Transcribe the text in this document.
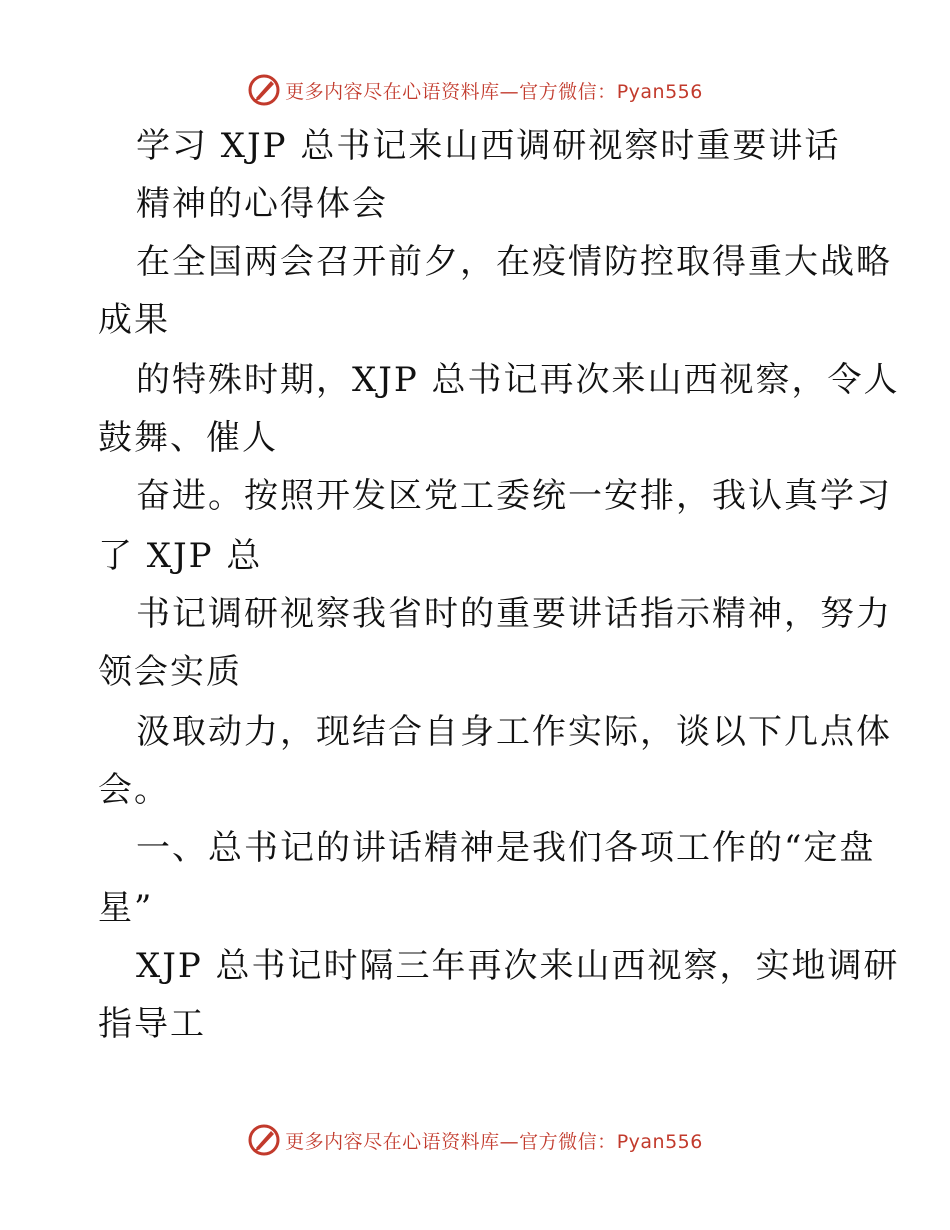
更多内容尽在心语资料库—官方微信：Pyan556
学习 XJP 总书记来山西调研视察时重要讲话
精神的心得体会
在全国两会召开前夕，在疫情防控取得重大战略
成果
的特殊时期，XJP 总书记再次来山西视察，令人
鼓舞、催人
奋进。按照开发区党工委统一安排，我认真学习
了 XJP 总
书记调研视察我省时的重要讲话指示精神，努力
领会实质
汲取动力，现结合自身工作实际，谈以下几点体
会。
一、总书记的讲话精神是我们各项工作的“定盘
星”
XJP 总书记时隔三年再次来山西视察，实地调研
指导工
更多内容尽在心语资料库—官方微信：Pyan556
